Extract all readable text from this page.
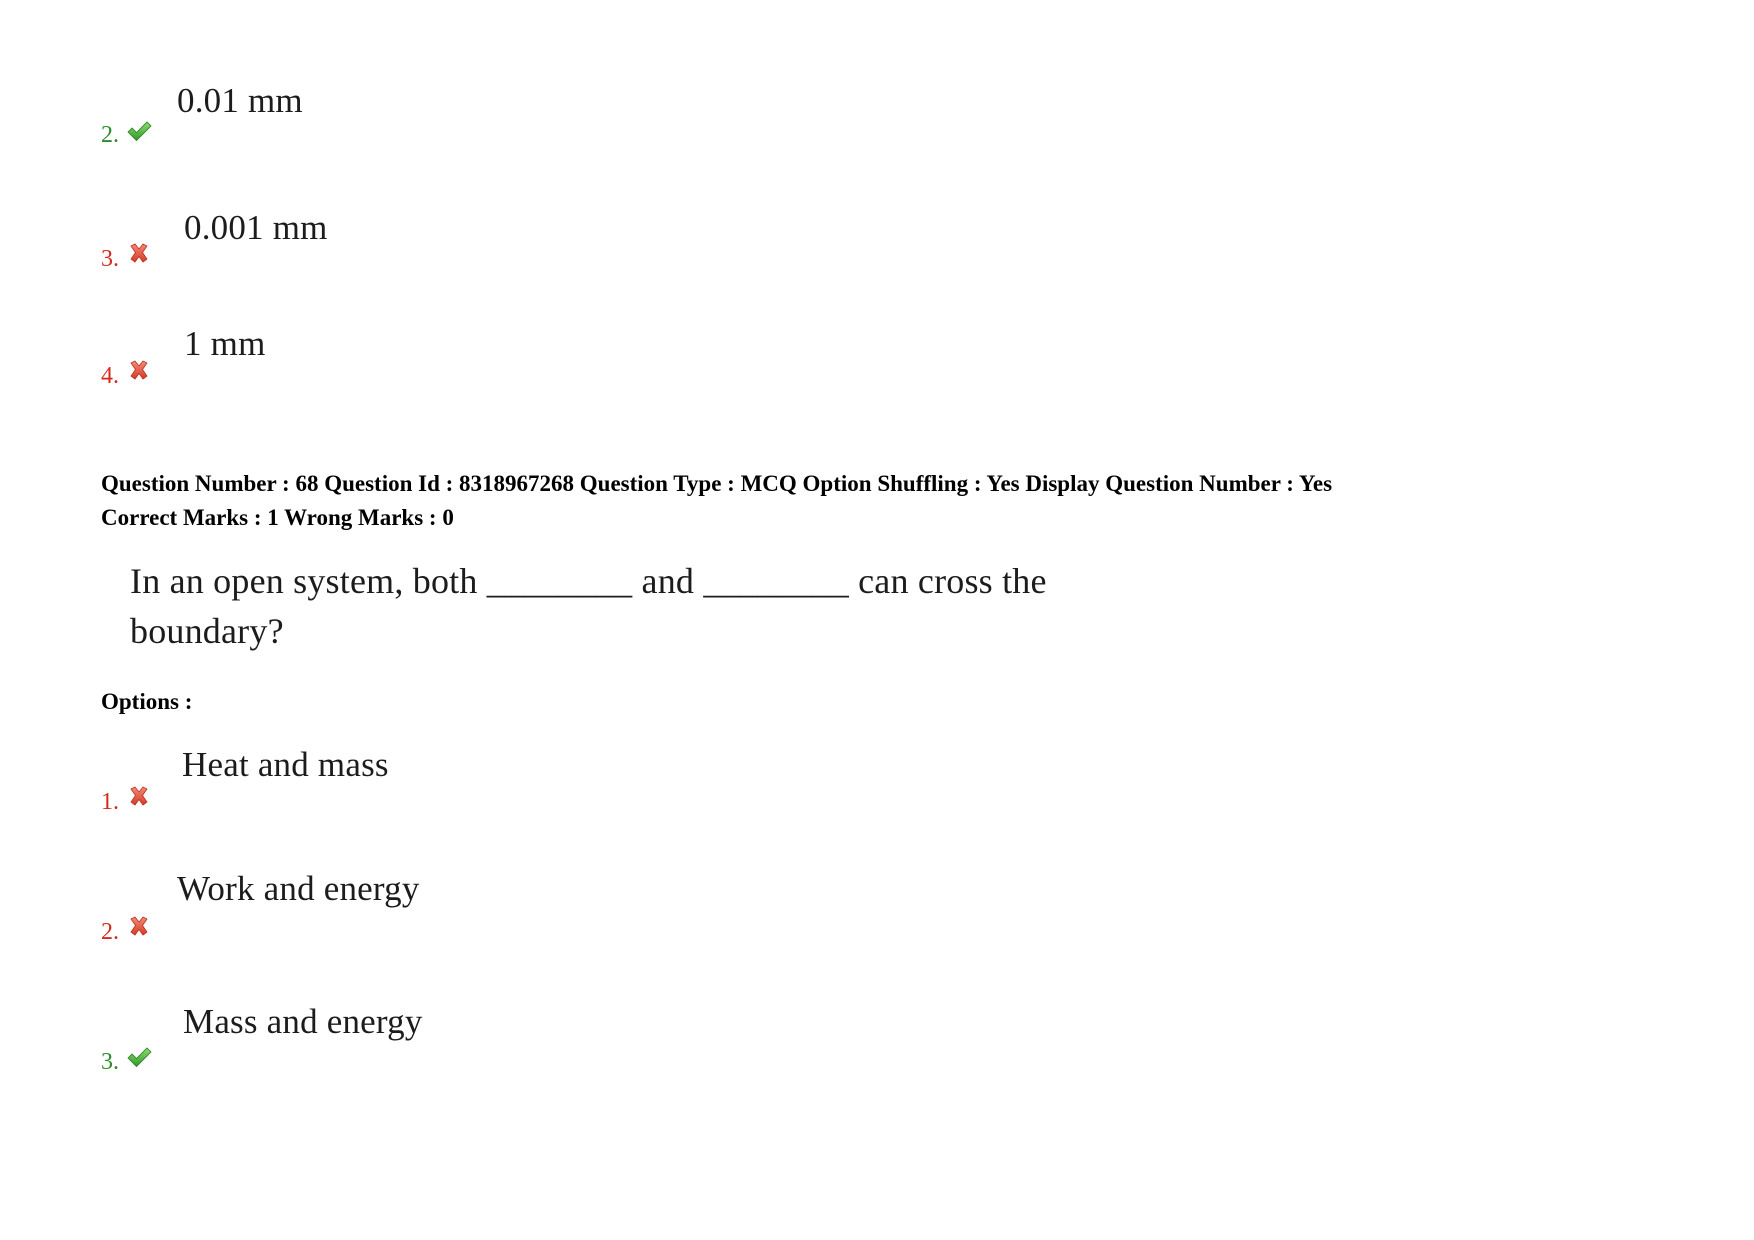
2.
0.01 mm
3.
0.001 mm
4.
1 mm
Question Number : 68 Question Id : 8318967268 Question Type : MCQ Option Shuffling : Yes Display Question Number : Yes
Correct Marks : 1 Wrong Marks : 0
In an open system, both ________ and ________ can cross the
boundary?
Options :
1.
Heat and mass
2.
Work and energy
3.
Mass and energy
